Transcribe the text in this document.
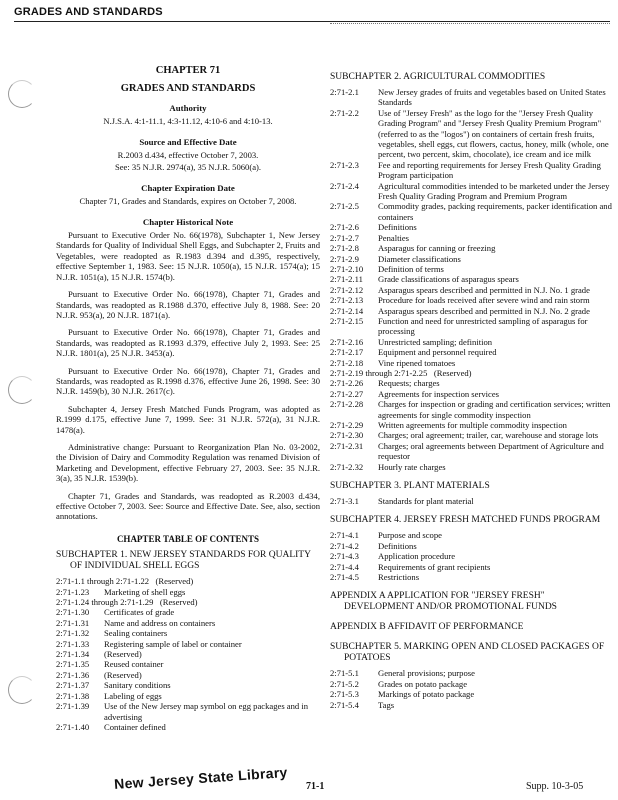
GRADES AND STANDARDS
CHAPTER 71
GRADES AND STANDARDS
Authority
N.J.S.A. 4:1-11.1, 4:3-11.12, 4:10-6 and 4:10-13.
Source and Effective Date
R.2003 d.434, effective October 7, 2003.
See: 35 N.J.R. 2974(a), 35 N.J.R. 5060(a).
Chapter Expiration Date
Chapter 71, Grades and Standards, expires on October 7, 2008.
Chapter Historical Note

Pursuant to Executive Order No. 66(1978), Subchapter 1, New Jersey Standards for Quality of Individual Shell Eggs, and Subchapter 2, Fruits and Vegetables, were readopted as R.1983 d.394 and d.395, respectively, effective September 1, 1983. See: 15 N.J.R. 1050(a), 15 N.J.R. 1574(a); 15 N.J.R. 1051(a), 15 N.J.R. 1574(b).

Pursuant to Executive Order No. 66(1978), Chapter 71, Grades and Standards, was readopted as R.1988 d.370, effective July 8, 1988. See: 20 N.J.R. 953(a), 20 N.J.R. 1871(a).

Pursuant to Executive Order No. 66(1978), Chapter 71, Grades and Standards, was readopted as R.1993 d.379, effective July 2, 1993. See: 25 N.J.R. 1801(a), 25 N.J.R. 3453(a).

Pursuant to Executive Order No. 66(1978), Chapter 71, Grades and Standards, was readopted as R.1998 d.376, effective June 26, 1998. See: 30 N.J.R. 1459(b), 30 N.J.R. 2617(c).

Subchapter 4, Jersey Fresh Matched Funds Program, was adopted as R.1999 d.175, effective June 7, 1999. See: 31 N.J.R. 572(a), 31 N.J.R. 1478(a).

Administrative change: Pursuant to Reorganization Plan No. 03-2002, the Division of Dairy and Commodity Regulation was renamed Division of Marketing and Development, effective February 27, 2003. See: 35 N.J.R. 3(a), 35 N.J.R. 1539(b).

Chapter 71, Grades and Standards, was readopted as R.2003 d.434, effective October 7, 2003. See: Source and Effective Date. See, also, section annotations.

CHAPTER TABLE OF CONTENTS
SUBCHAPTER 1. NEW JERSEY STANDARDS FOR QUALITY OF INDIVIDUAL SHELL EGGS
2:71-1.1 through 2:71-1.22 (Reserved)
2:71-1.23	Marketing of shell eggs
2:71-1.24 through 2:71-1.29 (Reserved)
2:71-1.30	Certificates of grade
2:71-1.31	Name and address on containers
2:71-1.32	Sealing containers
2:71-1.33	Registering sample of label or container
2:71-1.34	(Reserved)
2:71-1.35	Reused container
2:71-1.36	(Reserved)
2:71-1.37	Sanitary conditions
2:71-1.38	Labeling of eggs
2:71-1.39	Use of the New Jersey map symbol on egg packages and in advertising
2:71-1.40	Container defined
SUBCHAPTER 2. AGRICULTURAL COMMODITIES
2:71-2.1	New Jersey grades of fruits and vegetables based on United States Standards
2:71-2.2	Use of "Jersey Fresh" as the logo for the "Jersey Fresh Quality Grading Program" and "Jersey Fresh Quality Premium Program" (referred to as the "logos") on containers of certain fresh fruits, vegetables, shell eggs, cut flowers, cactus, honey, milk (whole, one percent, two percent, skim, chocolate), ice cream and ice milk
2:71-2.3	Fee and reporting requirements for Jersey Fresh Quality Grading Program participation
2:71-2.4	Agricultural commodities intended to be marketed under the Jersey Fresh Quality Grading Program and Premium Program
2:71-2.5	Commodity grades, packing requirements, packer identification and containers
2:71-2.6	Definitions
2:71-2.7	Penalties
2:71-2.8	Asparagus for canning or freezing
2:71-2.9	Diameter classifications
2:71-2.10	Definition of terms
2:71-2.11	Grade classifications of asparagus spears
2:71-2.12	Asparagus spears described and permitted in N.J. No. 1 grade
2:71-2.13	Procedure for loads received after severe wind and rain storm
2:71-2.14	Asparagus spears described and permitted in N.J. No. 2 grade
2:71-2.15	Function and need for unrestricted sampling of asparagus for processing
2:71-2.16	Unrestricted sampling; definition
2:71-2.17	Equipment and personnel required
2:71-2.18	Vine ripened tomatoes
2:71-2.19 through 2:71-2.25 (Reserved)
2:71-2.26	Requests; charges
2:71-2.27	Agreements for inspection services
2:71-2.28	Charges for inspection or grading and certification services; written agreements for single commodity inspection
2:71-2.29	Written agreements for multiple commodity inspection
2:71-2.30	Charges; oral agreement; trailer, car, warehouse and storage lots
2:71-2.31	Charges; oral agreements between Department of Agriculture and requestor
2:71-2.32	Hourly rate charges
SUBCHAPTER 3. PLANT MATERIALS
2:71-3.1	Standards for plant material
SUBCHAPTER 4. JERSEY FRESH MATCHED FUNDS PROGRAM
2:71-4.1	Purpose and scope
2:71-4.2	Definitions
2:71-4.3	Application procedure
2:71-4.4	Requirements of grant recipients
2:71-4.5	Restrictions
APPENDIX A APPLICATION FOR "JERSEY FRESH" DEVELOPMENT AND/OR PROMOTIONAL FUNDS
APPENDIX B AFFIDAVIT OF PERFORMANCE
SUBCHAPTER 5. MARKING OPEN AND CLOSED PACKAGES OF POTATOES
2:71-5.1	General provisions; purpose
2:71-5.2	Grades on potato package
2:71-5.3	Markings of potato package
2:71-5.4	Tags
New Jersey State Library 71-1	Supp. 10-3-05
